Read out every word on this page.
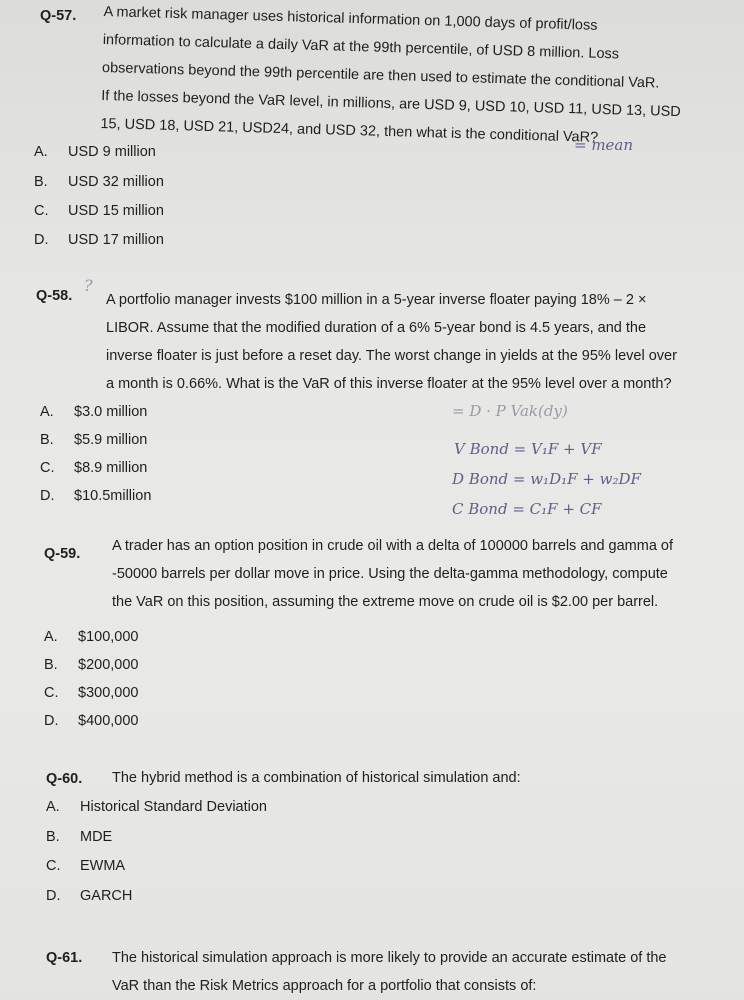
Q-57. A market risk manager uses historical information on 1,000 days of profit/loss
information to calculate a daily VaR at the 99th percentile, of USD 8 million. Loss
observations beyond the 99th percentile are then used to estimate the conditional VaR.
If the losses beyond the VaR level, in millions, are USD 9, USD 10, USD 11, USD 13, USD
15, USD 18, USD 21, USD24, and USD 32, then what is the conditional VaR?
= mean
A. USD 9 million
B. USD 32 million
C. USD 15 million
D. USD 17 million
Q-58.
?
A portfolio manager invests $100 million in a 5-year inverse floater paying 18% – 2 ×
LIBOR. Assume that the modified duration of a 6% 5-year bond is 4.5 years, and the
inverse floater is just before a reset day. The worst change in yields at the 95% level over
a month is 0.66%. What is the VaR of this inverse floater at the 95% level over a month?
A. $3.0 million
B. $5.9 million
C. $8.9 million
D. $10.5million
= D · P Vak(dy)
V Bond = V₁F + VF
D Bond = w₁D₁F + w₂DF
C Bond = C₁F + CF
Q-59. A trader has an option position in crude oil with a delta of 100000 barrels and gamma of
-50000 barrels per dollar move in price. Using the delta-gamma methodology, compute
the VaR on this position, assuming the extreme move on crude oil is $2.00 per barrel.
A. $100,000
B. $200,000
C. $300,000
D. $400,000
Q-60. The hybrid method is a combination of historical simulation and:
A. Historical Standard Deviation
B. MDE
C. EWMA
D. GARCH
Q-61. The historical simulation approach is more likely to provide an accurate estimate of the
VaR than the Risk Metrics approach for a portfolio that consists of:
